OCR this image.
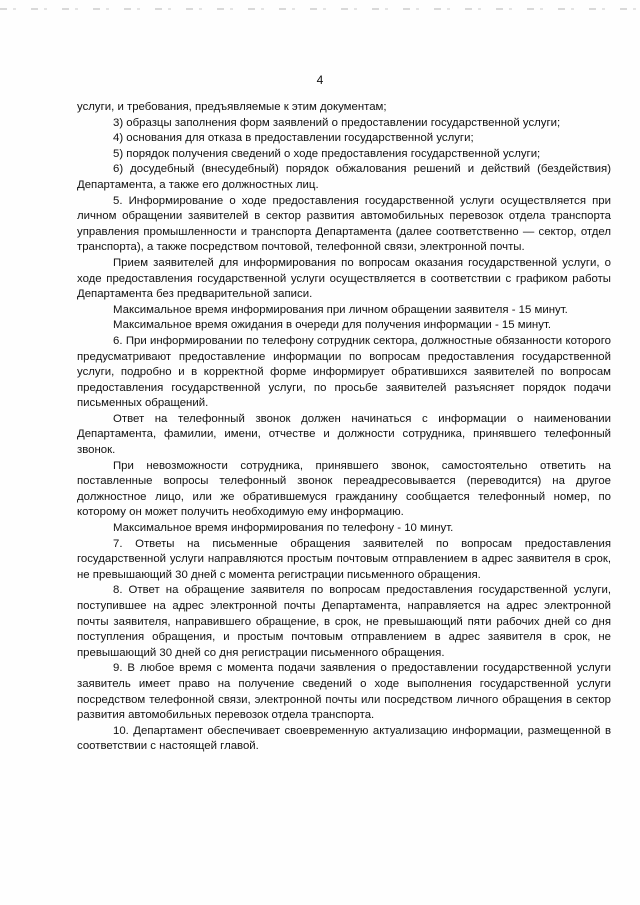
4

услуги, и требования, предъявляемые к этим документам;

3) образцы заполнения форм заявлений о предоставлении государственной услуги;

4) основания для отказа в предоставлении государственной услуги;

5) порядок получения сведений о ходе предоставления государственной услуги;

6) досудебный (внесудебный) порядок обжалования решений и действий (бездействия) Департамента, а также его должностных лиц.

5. Информирование о ходе предоставления государственной услуги осуществляется при личном обращении заявителей в сектор развития автомобильных перевозок отдела транспорта управления промышленности и транспорта Департамента (далее соответственно — сектор, отдел транспорта), а также посредством почтовой, телефонной связи, электронной почты.

Прием заявителей для информирования по вопросам оказания государственной услуги, о ходе предоставления государственной услуги осуществляется в соответствии с графиком работы Департамента без предварительной записи.

Максимальное время информирования при личном обращении заявителя - 15 минут.

Максимальное время ожидания в очереди для получения информации - 15 минут.

6. При информировании по телефону сотрудник сектора, должностные обязанности которого предусматривают предоставление информации по вопросам предоставления государственной услуги, подробно и в корректной форме информирует обратившихся заявителей по вопросам предоставления государственной услуги, по просьбе заявителей разъясняет порядок подачи письменных обращений.

Ответ на телефонный звонок должен начинаться с информации о наименовании Департамента, фамилии, имени, отчестве и должности сотрудника, принявшего телефонный звонок.

При невозможности сотрудника, принявшего звонок, самостоятельно ответить на поставленные вопросы телефонный звонок переадресовывается (переводится) на другое должностное лицо, или же обратившемуся гражданину сообщается телефонный номер, по которому он может получить необходимую ему информацию.

Максимальное время информирования по телефону - 10 минут.

7. Ответы на письменные обращения заявителей по вопросам предоставления государственной услуги направляются простым почтовым отправлением в адрес заявителя в срок, не превышающий 30 дней с момента регистрации письменного обращения.

8. Ответ на обращение заявителя по вопросам предоставления государственной услуги, поступившее на адрес электронной почты Департамента, направляется на адрес электронной почты заявителя, направившего обращение, в срок, не превышающий пяти рабочих дней со дня поступления обращения, и простым почтовым отправлением в адрес заявителя в срок, не превышающий 30 дней со дня регистрации письменного обращения.

9. В любое время с момента подачи заявления о предоставлении государственной услуги заявитель имеет право на получение сведений о ходе выполнения государственной услуги посредством телефонной связи, электронной почты или посредством личного обращения в сектор развития автомобильных перевозок отдела транспорта.

10. Департамент обеспечивает своевременную актуализацию информации, размещенной в соответствии с настоящей главой.
